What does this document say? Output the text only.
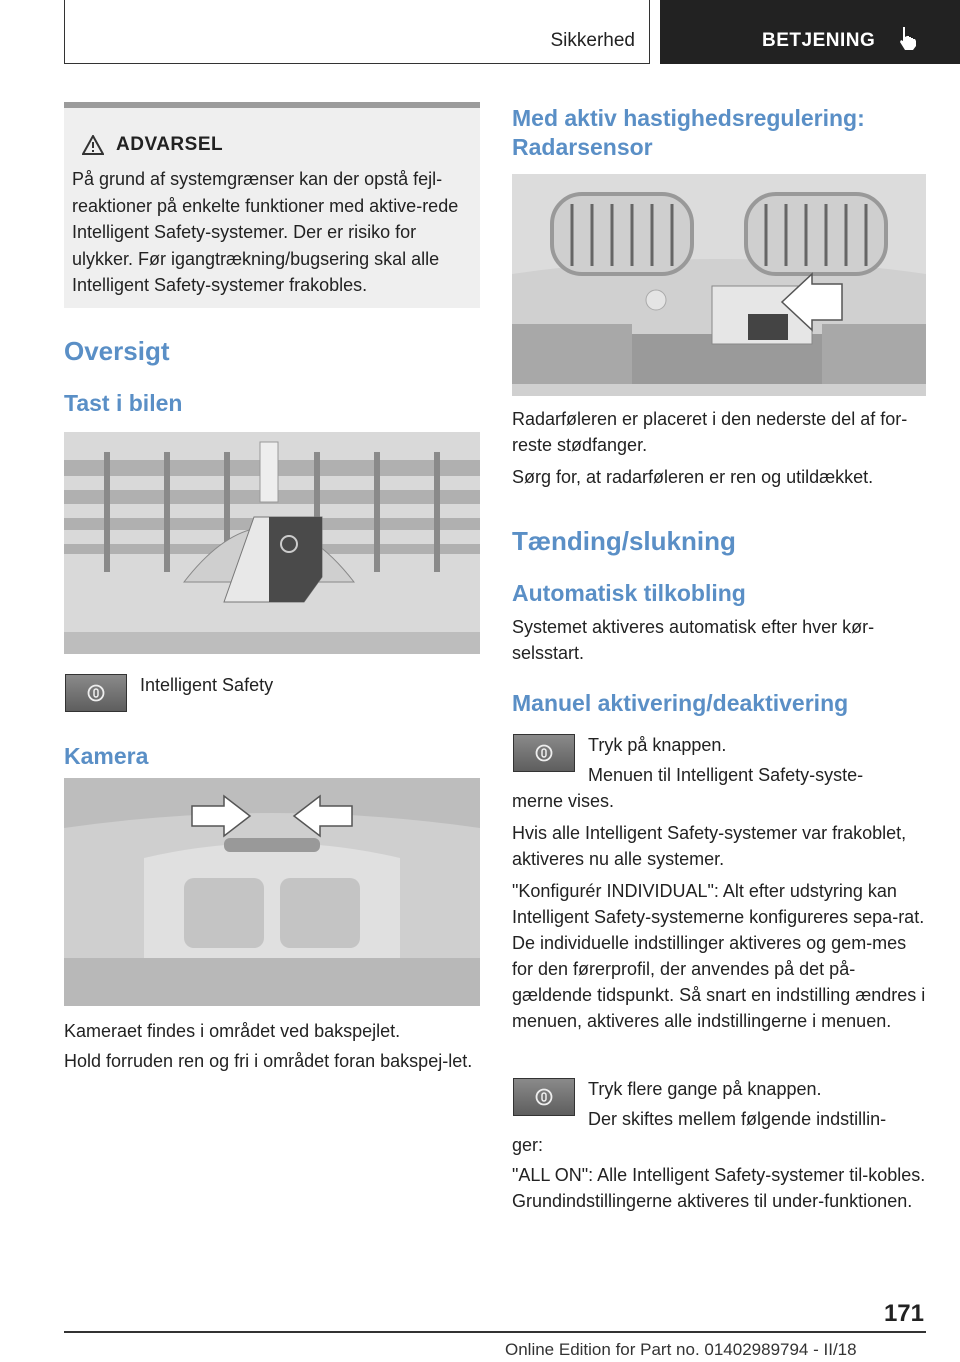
Sikkerhed	BETJENING
ADVARSEL
På grund af systemgrænser kan der opstå fejl-reaktioner på enkelte funktioner med aktive-rede Intelligent Safety-systemer. Der er risiko for ulykker. Før igangtrækning/bugsering skal alle Intelligent Safety-systemer frakobles.
Oversigt
Tast i bilen

Intelligent Safety

Kamera

Kameraet findes i området ved bakspejlet.

Hold forruden ren og fri i området foran bakspej-let.

Med aktiv hastighedsregulering: Radarsensor

Radarføleren er placeret i den nederste del af for-reste stødfanger.

Sørg for, at radarføleren er ren og utildækket.

Tænding/slukning
Automatisk tilkobling

Systemet aktiveres automatisk efter hver kør-selsstart.

Manuel aktivering/deaktivering

Tryk på knappen.

Menuen til Intelligent Safety-syste-

merne vises.

Hvis alle Intelligent Safety-systemer var frakoblet, aktiveres nu alle systemer.

"Konfigurér INDIVIDUAL": Alt efter udstyring kan Intelligent Safety-systemerne konfigureres sepa-rat. De individuelle indstillinger aktiveres og gem-mes for den førerprofil, der anvendes på det på-gældende tidspunkt. Så snart en indstilling ændres i menuen, aktiveres alle indstillingerne i menuen.

Tryk flere gange på knappen.

Der skiftes mellem følgende indstillin-

ger:

"ALL ON": Alle Intelligent Safety-systemer til-kobles. Grundindstillingerne aktiveres til under-funktionen.

171
Online Edition for Part no. 01402989794 - II/18
